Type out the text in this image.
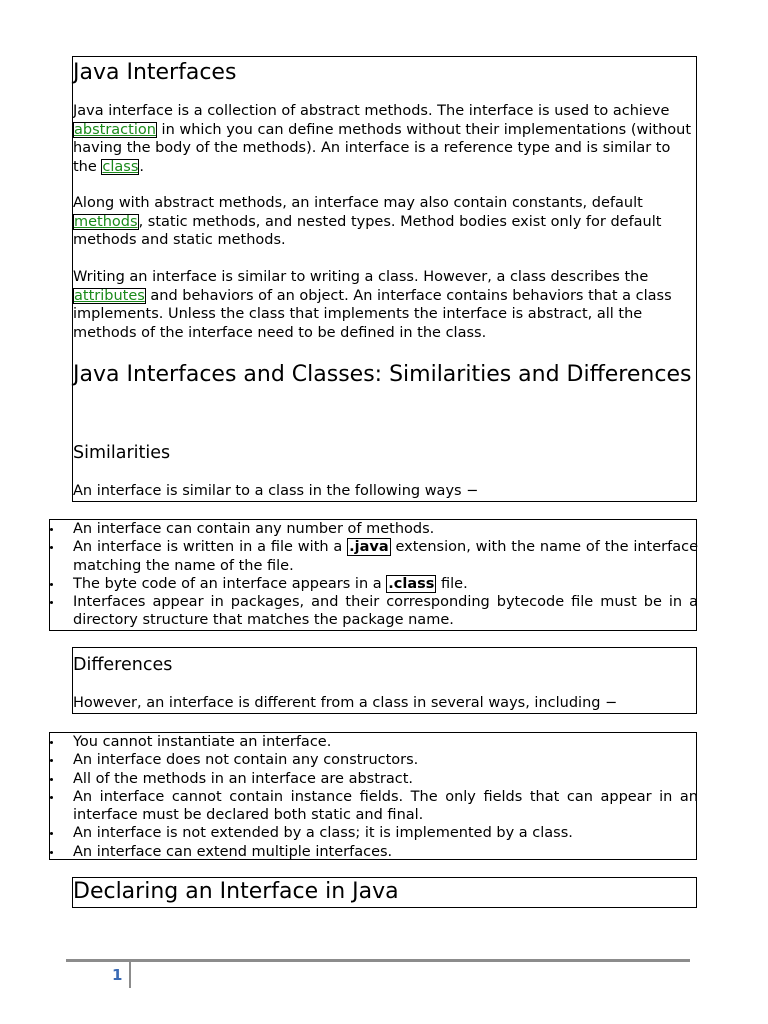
Java Interfaces

Java interface is a collection of abstract methods. The interface is used to achieve abstraction in which you can define methods without their implementations (without having the body of the methods). An interface is a reference type and is similar to the class.

Along with abstract methods, an interface may also contain constants, default methods, static methods, and nested types. Method bodies exist only for default methods and static methods.

Writing an interface is similar to writing a class. However, a class describes the attributes and behaviors of an object. An interface contains behaviors that a class implements. Unless the class that implements the interface is abstract, all the methods of the interface need to be defined in the class.

Java Interfaces and Classes: Similarities and Differences
Similarities

An interface is similar to a class in the following ways −

An interface can contain any number of methods.
An interface is written in a file with a .java extension, with the name of the interface matching the name of the file.
The byte code of an interface appears in a .class file.
Interfaces appear in packages, and their corresponding bytecode file must be in a directory structure that matches the package name.
Differences

However, an interface is different from a class in several ways, including −

You cannot instantiate an interface.
An interface does not contain any constructors.
All of the methods in an interface are abstract.
An interface cannot contain instance fields. The only fields that can appear in an interface must be declared both static and final.
An interface is not extended by a class; it is implemented by a class.
An interface can extend multiple interfaces.
Declaring an Interface in Java
1
